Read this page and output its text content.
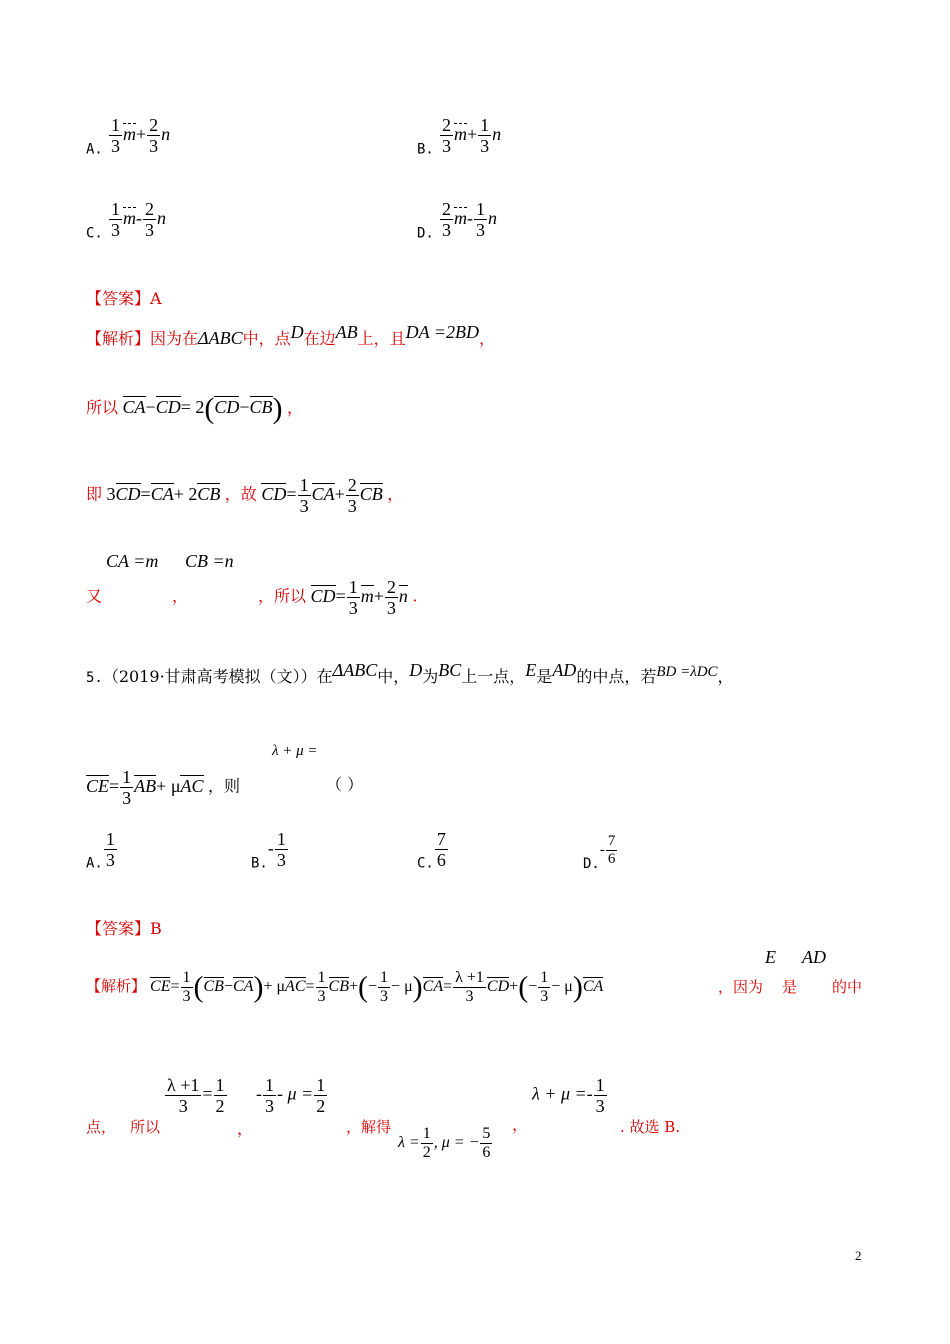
A. $\frac{1}{3} m+ \frac{2}{3}$ n
B. $\frac{2}{3} m+ \frac{1}{3}$ n
C. $\frac{1}{3} m- \frac{2}{3}$ n
D. $\frac{2}{3} m- \frac{1}{3}$ n
【答案】A
【解析】因为在ΔABC中，点D在边AB上，且DA =2BD，
所以 CA−CD= 2(CD−CB) ，
即 3CD=CA+ 2CB ，故 $CD= \frac{1}{3} CA+ \frac{2}{3}$ CB ，
CA =m CB =n
又	，	，所以 $CD= \frac{1}{3} m+ \frac{2}{3}$ n .
5.（2019·甘肃高考模拟（文））在ΔABC中，D为BC上一点，E是AD的中点，若BD =λDC，
λ + μ =
$CE= \frac{1}{3} AB+ \mu AC$ ，则	（ ）
A. $\frac{1}{3}$	$B.- \frac{1}{3}$	C. $\frac{7}{6}$	$D.- \frac{7}{6}$
【答案】B
E AD
【解析】 $CE= \frac{1}{3} (CB-CA)+ \mu AC= \frac{1}{3} CB+(- \frac{1}{3} - \mu)CA= \frac{\lambda +1}{3} CD+(- \frac{1}{3} - \mu)CA$	，因为 是 的中
点， 所以
$\frac{\lambda +1}{3} = \frac{1}{2}$
，
- $\frac{1}{3} - \mu = \frac{1}{2}$
，解得
$\lambda = \frac{1}{2}$ , μ = − $\frac{5}{6}$
，
$\lambda + \mu =- \frac{1}{3}$
. 故选 B.
2
